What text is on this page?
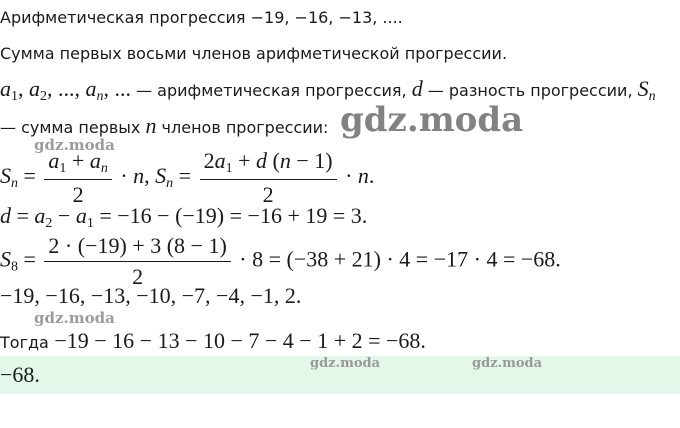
Арифметическая прогрессия −19, −16, −13, ....
Сумма первых восьми членов арифметической прогрессии.
$a_1$, $a_2$, ..., $a_n$, ... — арифметическая прогрессия, d — разность прогрессии, $S_n$
— сумма первых n членов прогрессии:
$S_n = \frac{a_1 + a_n}{2} \cdot n$, $S_n = \frac{2a_1 + d (n - 1)}{2} \cdot n$.
$d = a_2 - a_1 = -16 - (-19) = -16 + 19 = 3$.
$S_8 = \frac{2 \cdot (-19) + 3 (8 - 1)}{2} \cdot 8 = (-38 + 21) \cdot 4 = -17 \cdot 4 = -68$.
−19, −16, −13, −10, −7, −4, −1, 2.
Тогда −19 − 16 − 13 − 10 − 7 − 4 − 1 + 2 = −68.
−68.
gdz.moda
gdz.moda
gdz.moda
gdz.moda	gdz.moda
